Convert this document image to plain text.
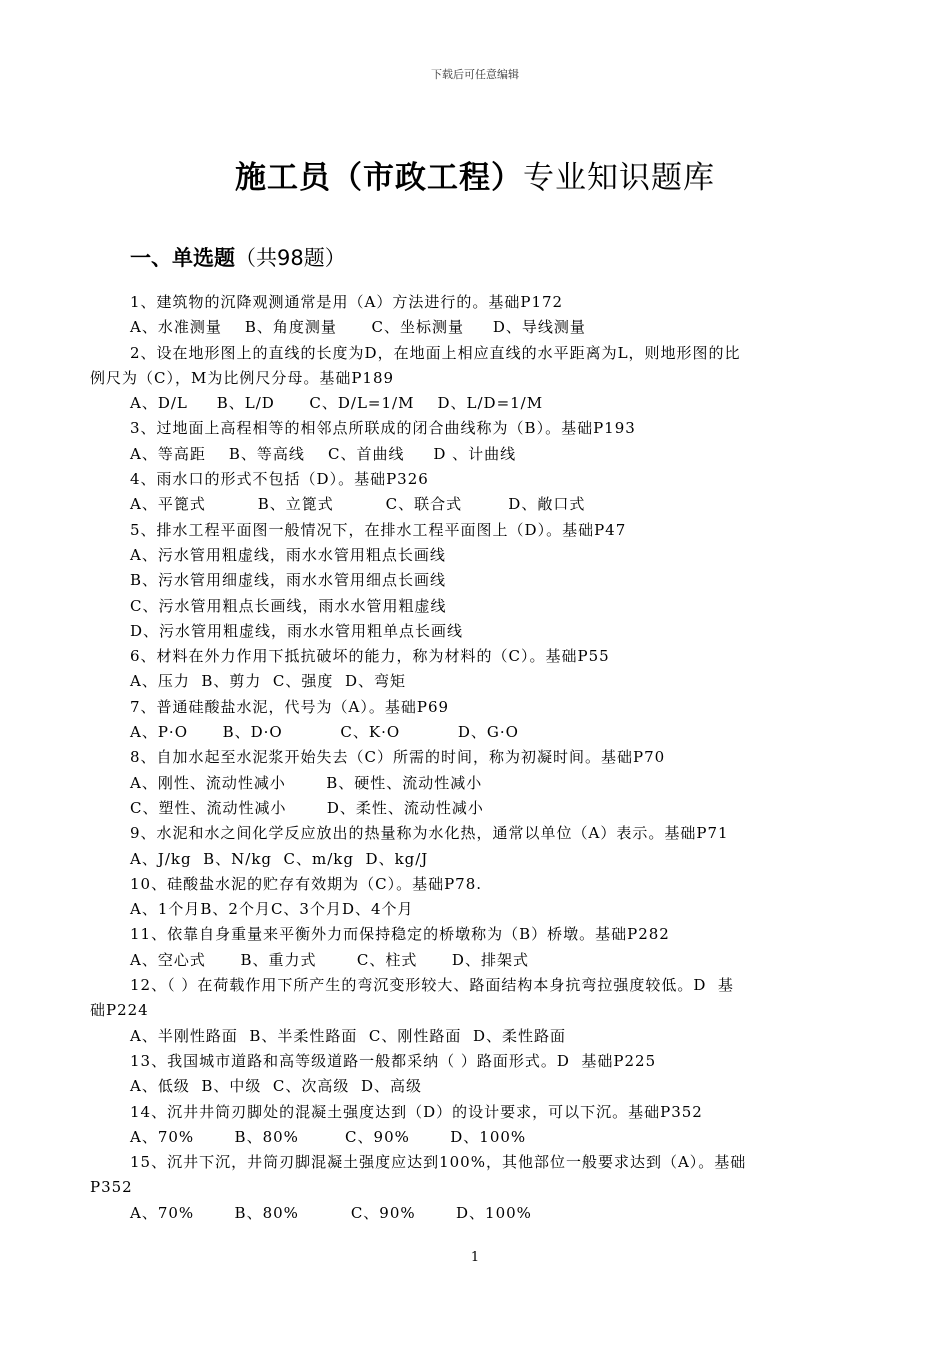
下载后可任意编辑
施工员（市政工程）专业知识题库
一、单选题（共98题）
1、建筑物的沉降观测通常是用（A）方法进行的。基础P172
A、水准测量    B、角度测量      C、坐标测量     D、导线测量
2、设在地形图上的直线的长度为D，在地面上相应直线的水平距离为L，则地形图的比
例尺为（C），M为比例尺分母。基础P189
A、D/L     B、L/D      C、D/L=1/M    D、L/D=1/M
3、过地面上高程相等的相邻点所联成的闭合曲线称为（B）。基础P193
A、等高距    B、等高线    C、首曲线     D 、计曲线
4、雨水口的形式不包括（D）。基础P326
A、平篦式         B、立篦式         C、联合式        D、敞口式
5、排水工程平面图一般情况下，在排水工程平面图上（D）。基础P47
A、污水管用粗虚线，雨水水管用粗点长画线
B、污水管用细虚线，雨水水管用细点长画线
C、污水管用粗点长画线，雨水水管用粗虚线
D、污水管用粗虚线，雨水水管用粗单点长画线
6、材料在外力作用下抵抗破坏的能力，称为材料的（C）。基础P55
A、压力  B、剪力  C、强度  D、弯矩
7、普通硅酸盐水泥，代号为（A）。基础P69
A、P·O      B、D·O          C、K·O          D、G·O
8、自加水起至水泥浆开始失去（C）所需的时间，称为初凝时间。基础P70
A、刚性、流动性减小       B、硬性、流动性减小
C、塑性、流动性减小       D、柔性、流动性减小
9、水泥和水之间化学反应放出的热量称为水化热，通常以单位（A）表示。基础P71
A、J/kg  B、N/kg  C、m/kg  D、kg/J
10、硅酸盐水泥的贮存有效期为（C）。基础P78.
A、1个月B、2个月C、3个月D、4个月
11、依靠自身重量来平衡外力而保持稳定的桥墩称为（B）桥墩。基础P282
A、空心式      B、重力式       C、柱式      D、排架式
12、（ ）在荷载作用下所产生的弯沉变形较大、路面结构本身抗弯拉强度较低。D  基
础P224
A、半刚性路面  B、半柔性路面  C、刚性路面  D、柔性路面
13、我国城市道路和高等级道路一般都采纳（ ）路面形式。D  基础P225
A、低级  B、中级  C、次高级  D、高级
14、沉井井筒刃脚处的混凝土强度达到（D）的设计要求，可以下沉。基础P352
A、70%       B、80%        C、90%       D、100%
15、沉井下沉，井筒刃脚混凝土强度应达到100%，其他部位一般要求达到（A）。基础
P352
A、70%       B、80%         C、90%       D、100%
1
